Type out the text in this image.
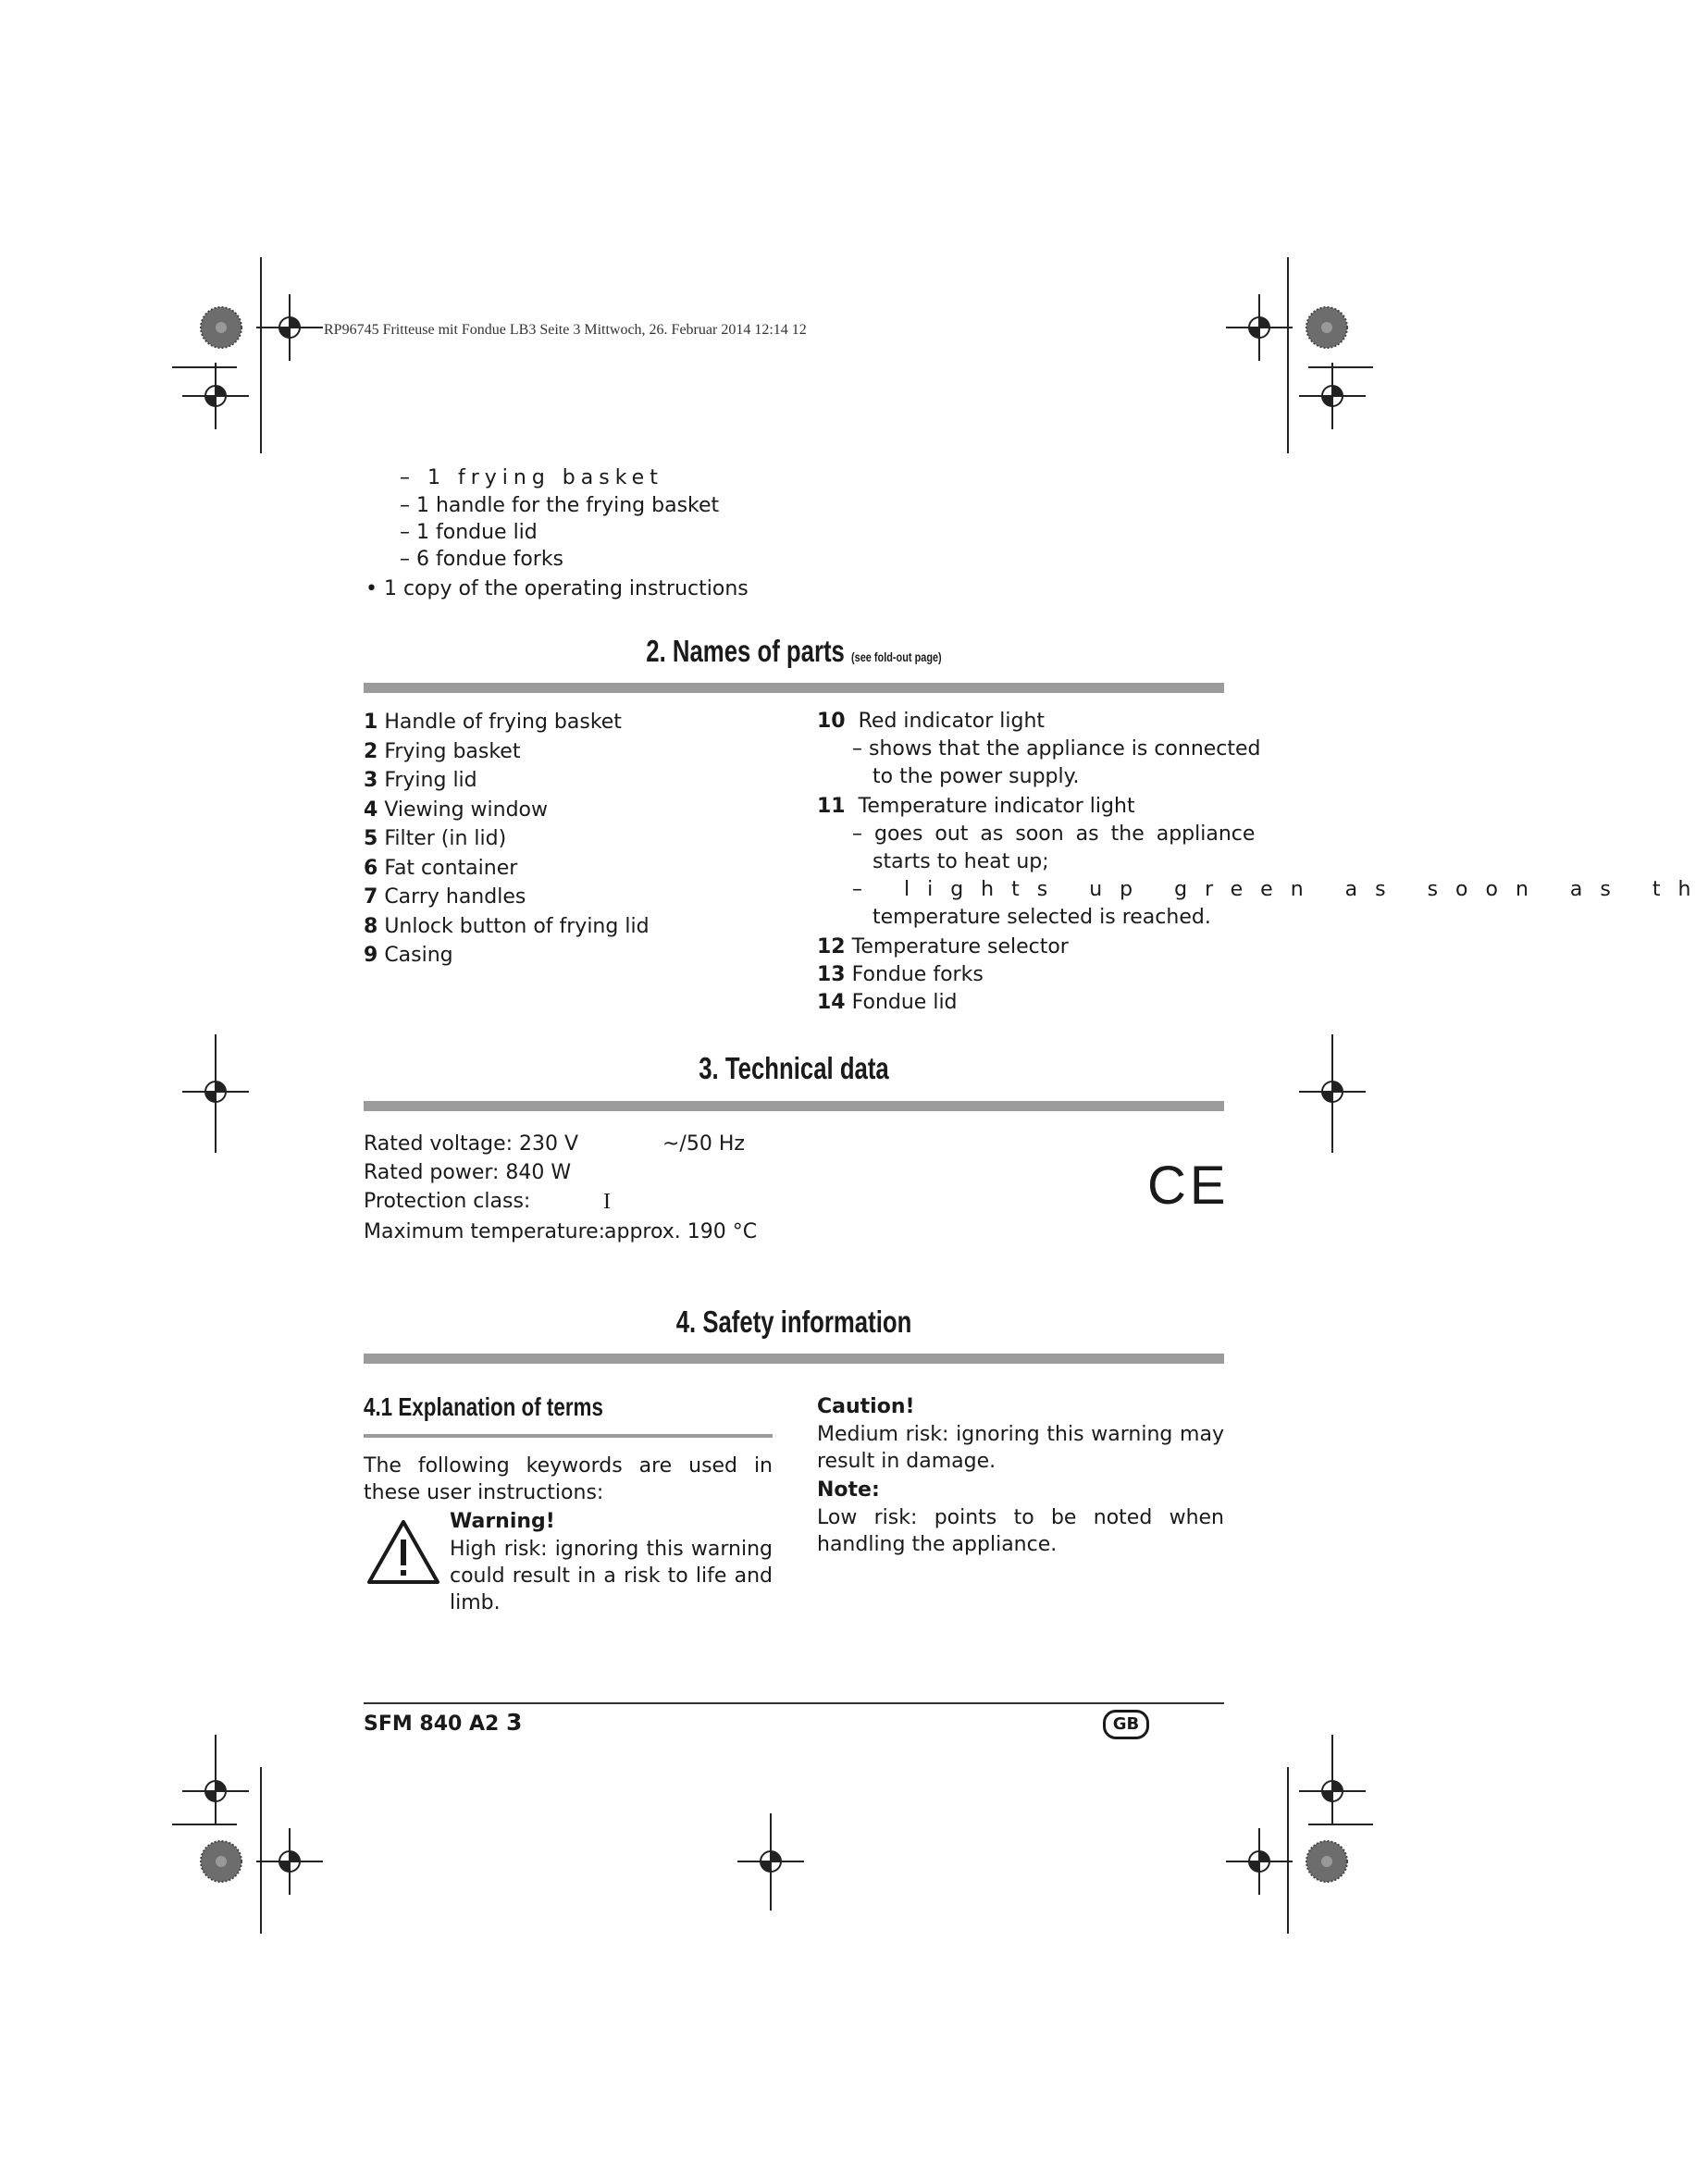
RP96745 Fritteuse mit Fondue LB3 Seite 3 Mittwoch, 26. Februar 2014 12:14 12
– 1 frying basket
– 1 handle for the frying basket
– 1 fondue lid
– 6 fondue forks
• 1 copy of the operating instructions
2. Names of parts (see fold-out page)
1 Handle of frying basket
2 Frying basket
3 Frying lid
4 Viewing window
5 Filter (in lid)
6 Fat container
7 Carry handles
8 Unlock button of frying lid
9 Casing
10 Red indicator light
– shows that the appliance is connected
to the power supply.
11 Temperature indicator light
– goes out as soon as the appliance
starts to heat up;
– lights up green as soon as th
temperature selected is reached.
12 Temperature selector
13 Fondue forks
14 Fondue lid
3. Technical data
Rated voltage: 230 V	~/50 Hz
Rated power: 840 W
Protection class:	I
Maximum temperature:
approx. 190 °C
CE
4. Safety information
4.1 Explanation of terms
The following keywords are used in these user instructions:
Warning!
High risk: ignoring this warning could result in a risk to life and limb.
Caution!
Medium risk: ignoring this warning may result in damage.
Note:
Low risk: points to be noted when handling the appliance.
SFM 840 A2 3	GB
